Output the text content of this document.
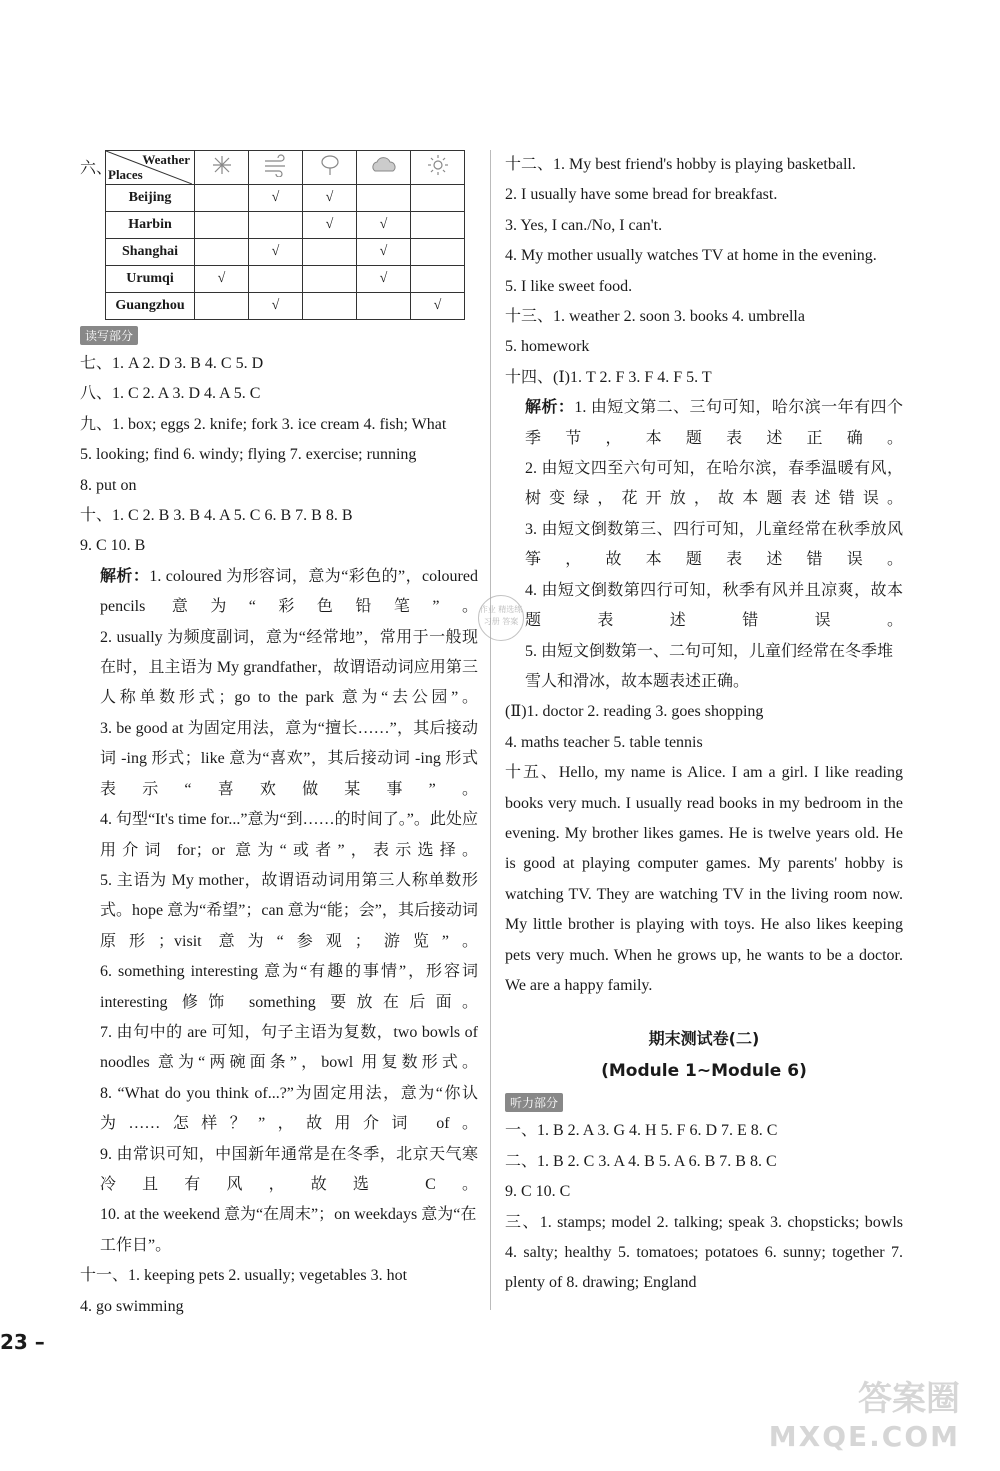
六、
Weather
Places

Beijing		√	√		
Harbin			√	√	
Shanghai		√		√	
Urumqi	√			√	
Guangzhou		√			√
读写部分
七、1. A 2. D 3. B 4. C 5. D
八、1. C 2. A 3. D 4. A 5. C
九、1. box; eggs 2. knife; fork 3. ice cream 4. fish; What
5. looking; find 6. windy; flying 7. exercise; running
8. put on
十、1. C 2. B 3. B 4. A 5. C 6. B 7. B 8. B
9. C 10. B
解析：1. coloured 为形容词，意为“彩色的”，coloured pencils 意为“彩色铅笔”。
2. usually 为频度副词，意为“经常地”，常用于一般现在时，且主语为 My grandfather，故谓语动词应用第三人称单数形式；go to the park 意为“去公园”。
3. be good at 为固定用法，意为“擅长……”，其后接动词 -ing 形式；like 意为“喜欢”，其后接动词 -ing 形式表示“喜欢做某事”。
4. 句型“It's time for...”意为“到……的时间了。”。此处应用介词 for；or 意为“或者”，表示选择。
5. 主语为 My mother，故谓语动词用第三人称单数形式。hope 意为“希望”；can 意为“能；会”，其后接动词原形；visit 意为“参观；游览”。
6. something interesting 意为“有趣的事情”，形容词 interesting 修饰 something 要放在后面。
7. 由句中的 are 可知，句子主语为复数，two bowls of noodles 意为“两碗面条”，bowl 用复数形式。
8. “What do you think of...?”为固定用法，意为“你认为……怎样？”，故用介词 of。
9. 由常识可知，中国新年通常是在冬季，北京天气寒冷且有风，故选 C。
10. at the weekend 意为“在周末”；on weekdays 意为“在工作日”。
十一、1. keeping pets 2. usually; vegetables 3. hot
4. go swimming
23 –
十二、1. My best friend's hobby is playing basketball.
2. I usually have some bread for breakfast.
3. Yes, I can./No, I can't.
4. My mother usually watches TV at home in the evening.
5. I like sweet food.
十三、1. weather 2. soon 3. books 4. umbrella
5. homework
十四、(Ⅰ)1. T 2. F 3. F 4. F 5. T
解析：1. 由短文第二、三句可知，哈尔滨一年有四个季节，本题表述正确。
2. 由短文四至六句可知，在哈尔滨，春季温暖有风，树变绿，花开放，故本题表述错误。
3. 由短文倒数第三、四行可知，儿童经常在秋季放风筝，故本题表述错误。
4. 由短文倒数第四行可知，秋季有风并且凉爽，故本题表述错误。
5. 由短文倒数第一、二句可知，儿童们经常在冬季堆雪人和滑冰，故本题表述正确。
(Ⅱ)1. doctor 2. reading 3. goes shopping
4. maths teacher 5. table tennis
十五、Hello, my name is Alice. I am a girl. I like reading books very much. I usually read books in my bedroom in the evening. My brother likes games. He is twelve years old. He is good at playing computer games. My parents' hobby is watching TV. They are watching TV in the living room now. My little brother is playing with toys. He also likes keeping pets very much. When he grows up, he wants to be a doctor. We are a happy family.
期末测试卷(二)
(Module 1~Module 6)
听力部分
一、1. B 2. A 3. G 4. H 5. F 6. D 7. E 8. C
二、1. B 2. C 3. A 4. B 5. A 6. B 7. B 8. C
9. C 10. C
三、1. stamps; model 2. talking; speak 3. chopsticks; bowls 4. salty; healthy 5. tomatoes; potatoes 6. sunny; together 7. plenty of 8. drawing; England
作业 精选练习册 答案
答案圈
MXQE.COM
